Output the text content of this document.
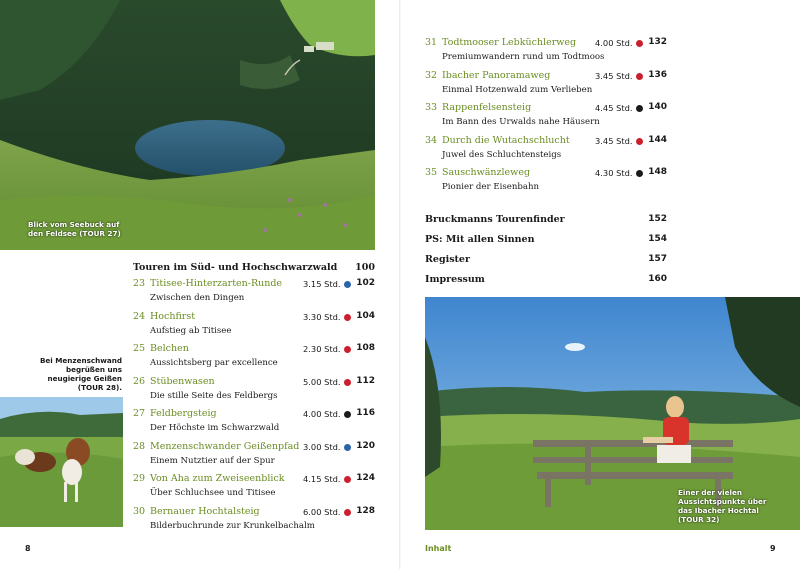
Blick vom Seebuck auf den Feldsee (TOUR 27)
Bei Menzenschwand begrüßen uns neugierige Geißen (TOUR 28).
Touren im Süd- und Hochschwarzwald 100
23 Titisee-Hinterzarten-Runde	3.15 Std. 102
Zwischen den Dingen
24 Hochfirst	3.30 Std. 104
Aufstieg ab Titisee
25 Belchen	2.30 Std. 108
Aussichtsberg par excellence
26 Stübenwasen	5.00 Std. 112
Die stille Seite des Feldbergs
27 Feldbergsteig	4.00 Std. 116
Der Höchste im Schwarzwald
28 Menzenschwander Geißenpfad 3.00 Std. 120
Einem Nutztier auf der Spur
29 Von Aha zum Zweiseenblick 4.15 Std. 124
Über Schluchsee und Titisee
30 Bernauer Hochtalsteig	6.00 Std. 128
Bilderbuchrunde zur Krunkelbachalm
8
31 Todtmooser Lebküchlerweg 4.00 Std. 132
Premiumwandern rund um Todtmoos
32 Ibacher Panoramaweg	3.45 Std. 136
Einmal Hotzenwald zum Verlieben
33 Rappenfelsensteig	4.45 Std. 140
Im Bann des Urwalds nahe Häusern
34 Durch die Wutachschlucht	3.45 Std. 144
Juwel des Schluchtensteigs
35 Sauschwänzleweg	4.30 Std. 148
Pionier der Eisenbahn
Bruckmanns Tourenfinder	152
PS: Mit allen Sinnen	154
Register	157
Impressum	160
Einer der vielen Aussichtspunkte über das Ibacher Hochtal (TOUR 32)
Inhalt	9
